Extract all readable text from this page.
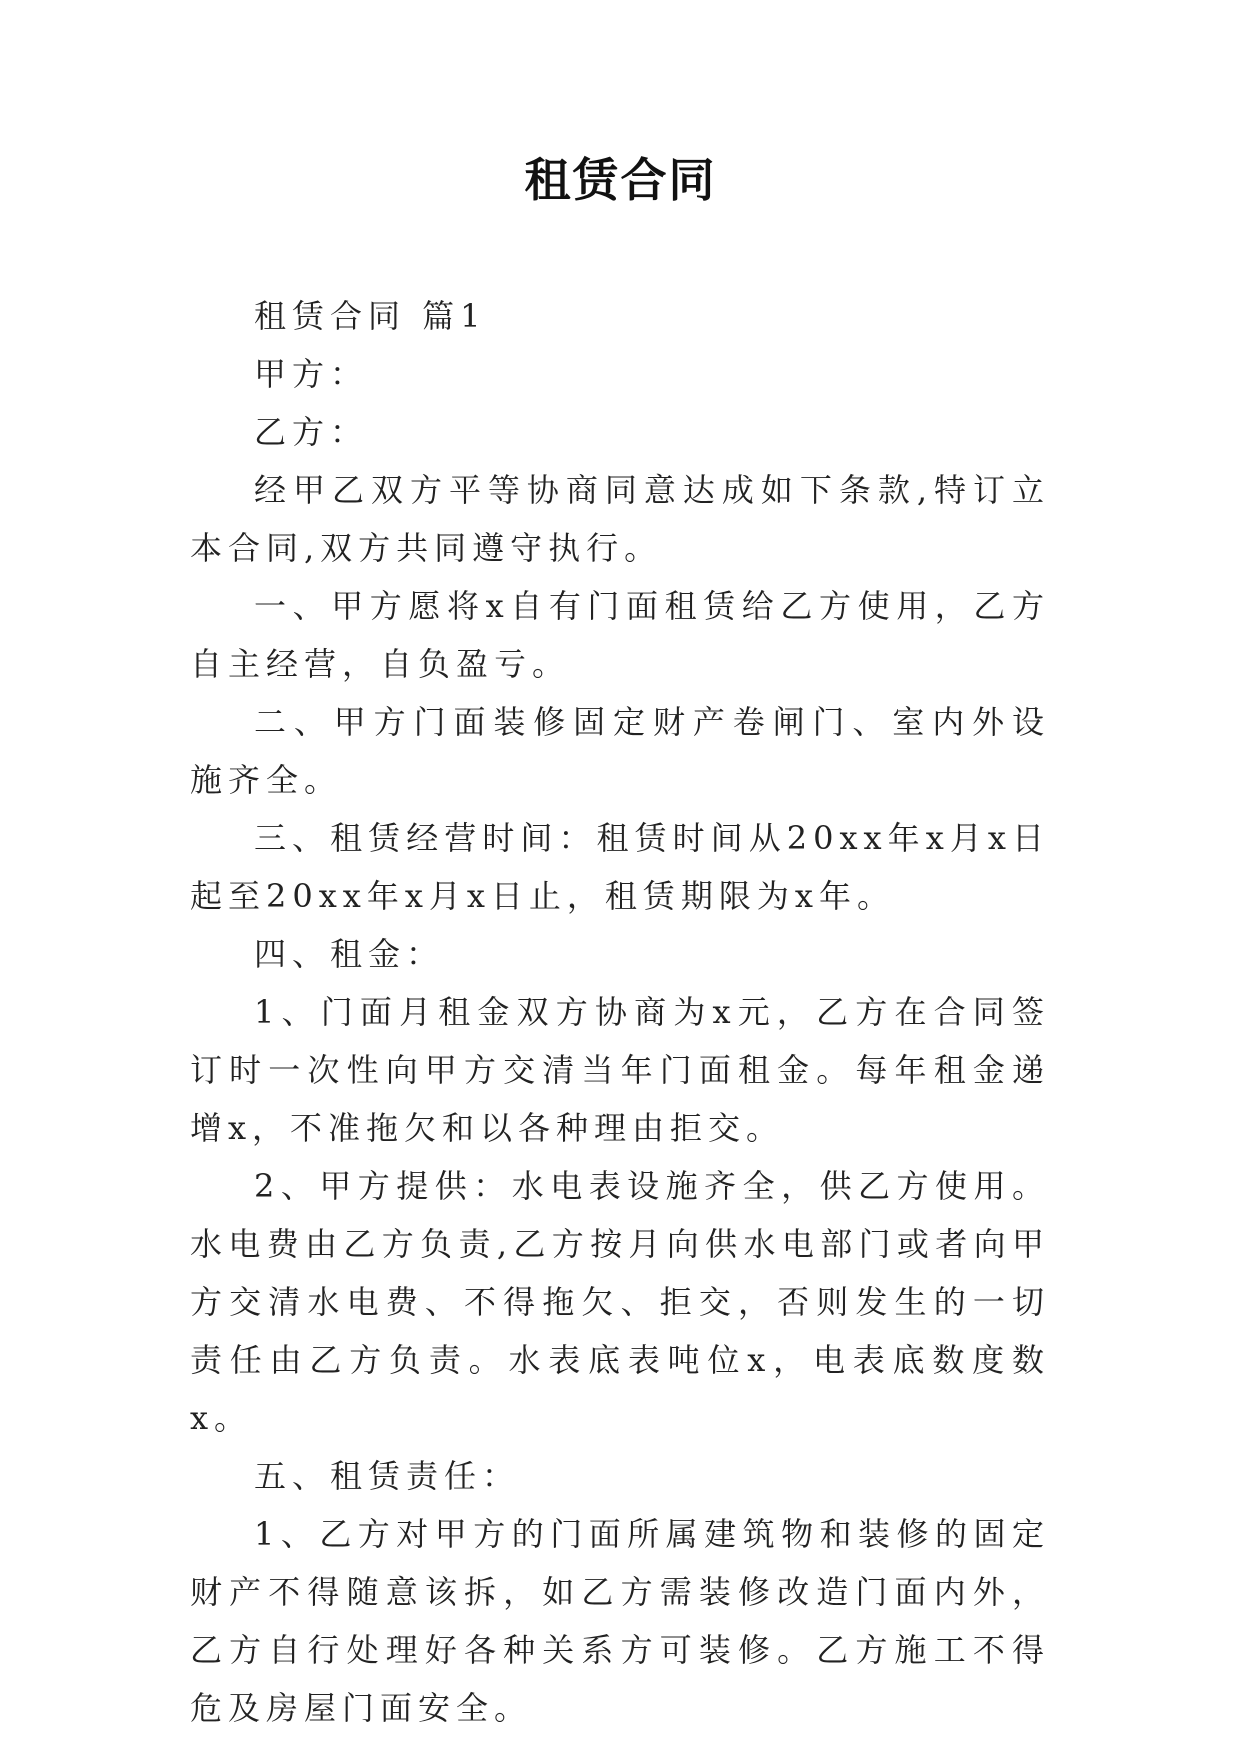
租赁合同

租赁合同 篇1

甲方：

乙方：

经甲乙双方平等协商同意达成如下条款,特订立本合同,双方共同遵守执行。

一、甲方愿将x自有门面租赁给乙方使用，乙方自主经营，自负盈亏。

二、甲方门面装修固定财产卷闸门、室内外设施齐全。

三、租赁经营时间：租赁时间从20xx年x月x日起至20xx年x月x日止，租赁期限为x年。

四、租金：

1、门面月租金双方协商为x元，乙方在合同签订时一次性向甲方交清当年门面租金。每年租金递增x，不准拖欠和以各种理由拒交。

2、甲方提供：水电表设施齐全，供乙方使用。水电费由乙方负责,乙方按月向供水电部门或者向甲方交清水电费、不得拖欠、拒交，否则发生的一切责任由乙方负责。水表底表吨位x，电表底数度数x。

五、租赁责任：

1、乙方对甲方的门面所属建筑物和装修的固定财产不得随意该拆，如乙方需装修改造门面内外，乙方自行处理好各种关系方可装修。乙方施工不得危及房屋门面安全。
